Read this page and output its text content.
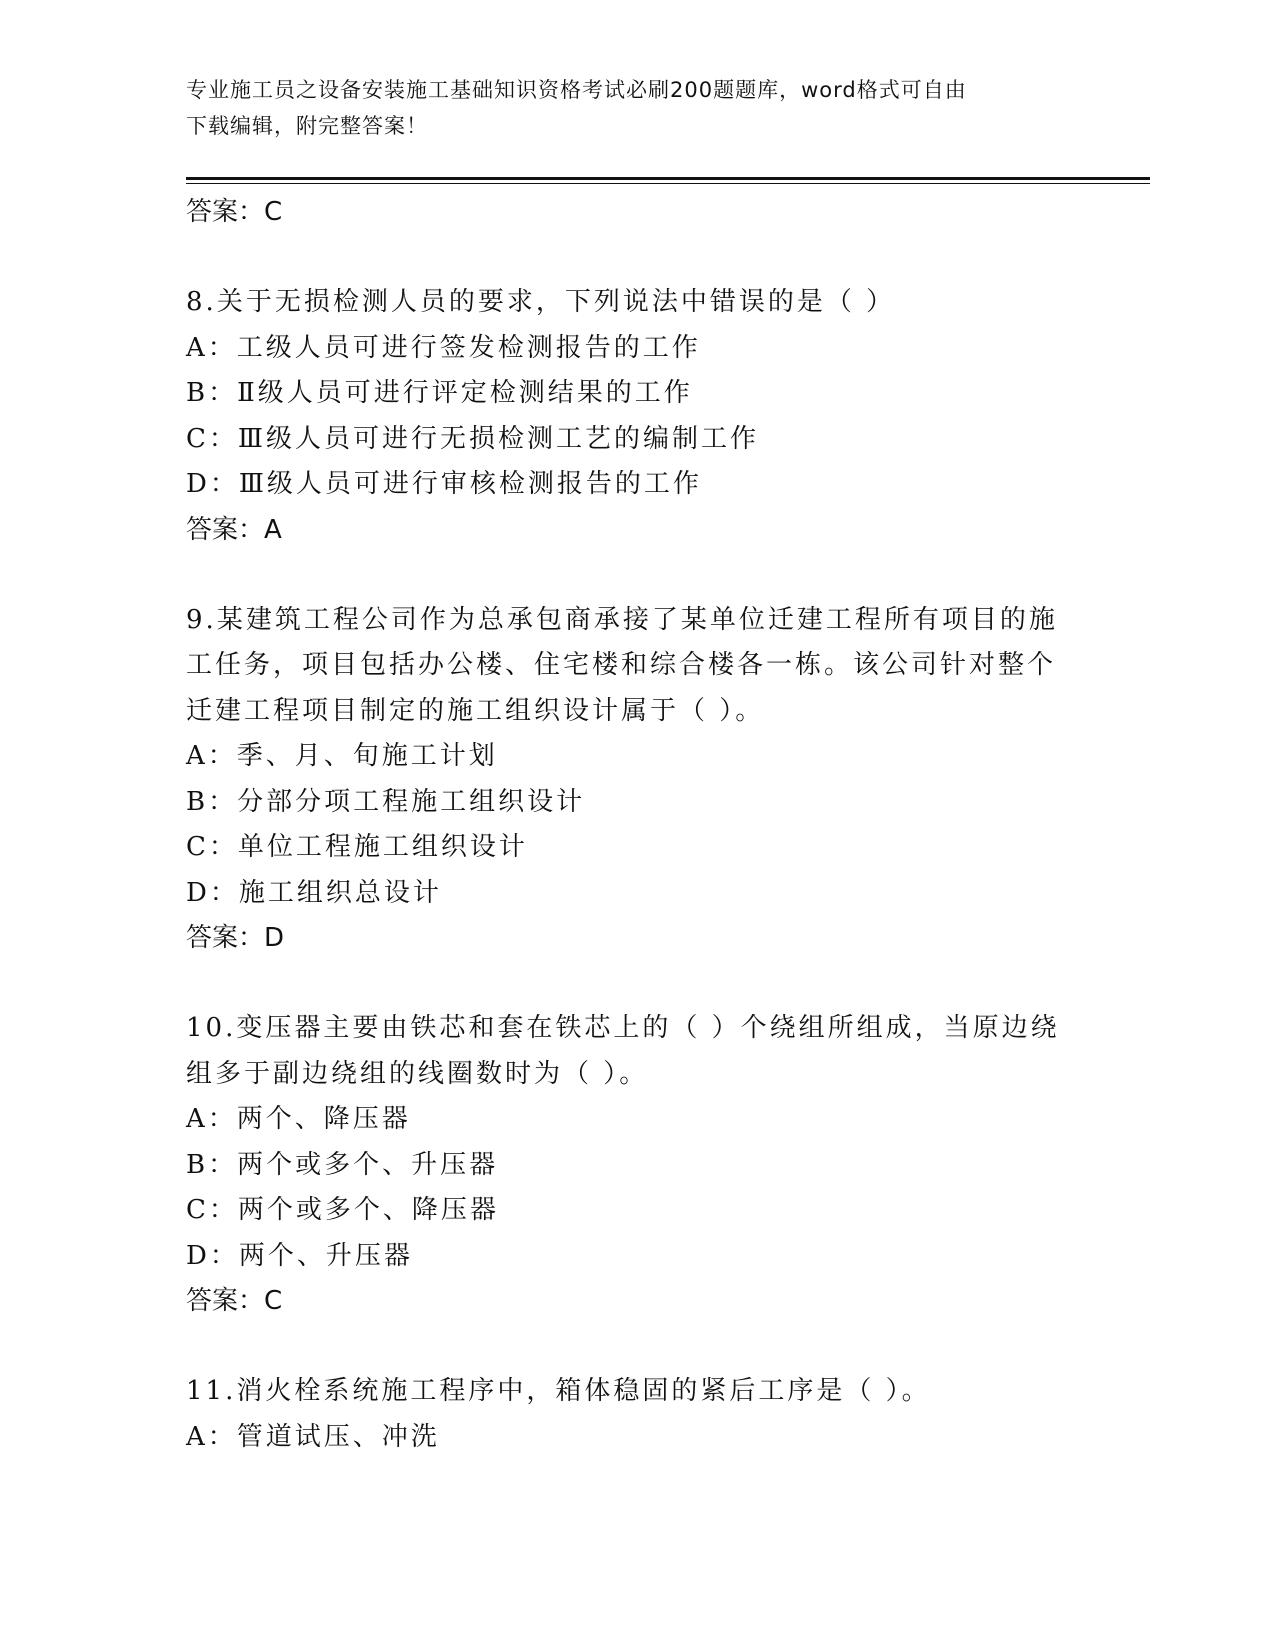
专业施工员之设备安装施工基础知识资格考试必刷200题题库，word格式可自由
下载编辑，附完整答案！

答案：C

8.关于无损检测人员的要求，下列说法中错误的是（ ）

A：工级人员可进行签发检测报告的工作

B：Ⅱ级人员可进行评定检测结果的工作

C：Ⅲ级人员可进行无损检测工艺的编制工作

D：Ⅲ级人员可进行审核检测报告的工作

答案：A

9.某建筑工程公司作为总承包商承接了某单位迁建工程所有项目的施
工任务，项目包括办公楼、住宅楼和综合楼各一栋。该公司针对整个
迁建工程项目制定的施工组织设计属于（ ）。

A：季、月、旬施工计划

B：分部分项工程施工组织设计

C：单位工程施工组织设计

D：施工组织总设计

答案：D

10.变压器主要由铁芯和套在铁芯上的（ ）个绕组所组成，当原边绕
组多于副边绕组的线圈数时为（ ）。

A：两个、降压器

B：两个或多个、升压器

C：两个或多个、降压器

D：两个、升压器

答案：C

11.消火栓系统施工程序中，箱体稳固的紧后工序是（ ）。

A：管道试压、冲洗
